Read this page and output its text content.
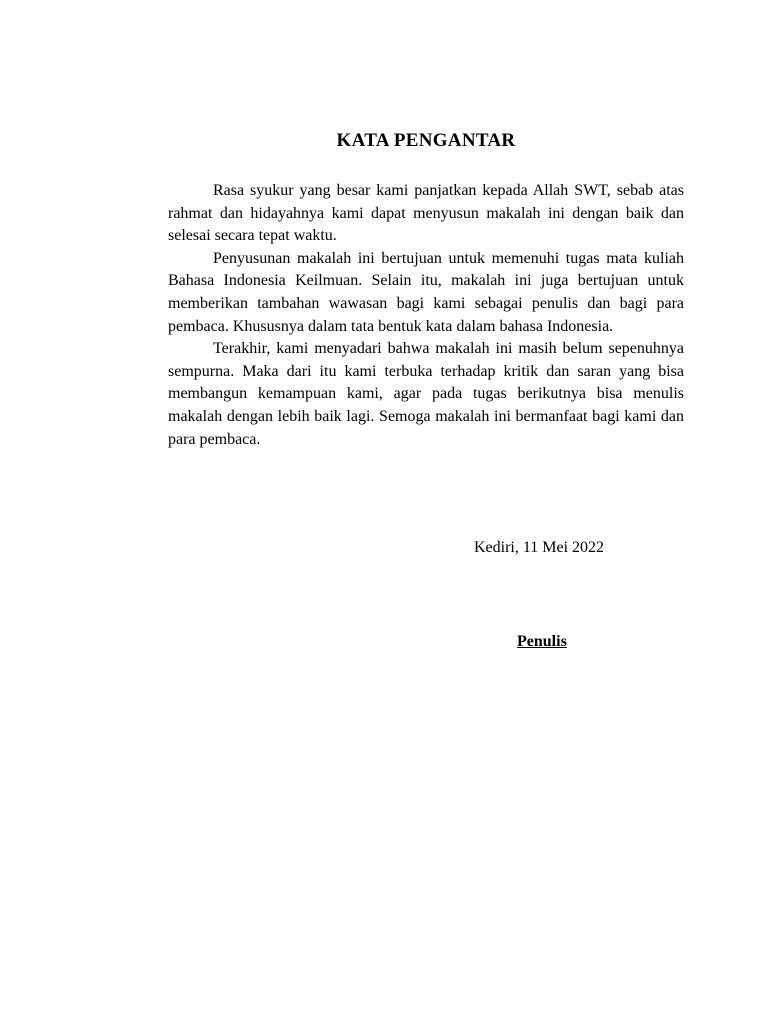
KATA PENGANTAR

Rasa syukur yang besar kami panjatkan kepada Allah SWT, sebab atas rahmat dan hidayahnya kami dapat menyusun makalah ini dengan baik dan selesai secara tepat waktu.

Penyusunan makalah ini bertujuan untuk memenuhi tugas mata kuliah Bahasa Indonesia Keilmuan. Selain itu, makalah ini juga bertujuan untuk memberikan tambahan wawasan bagi kami sebagai penulis dan bagi para pembaca. Khususnya dalam tata bentuk kata dalam bahasa Indonesia.

Terakhir, kami menyadari bahwa makalah ini masih belum sepenuhnya sempurna. Maka dari itu kami terbuka terhadap kritik dan saran yang bisa membangun kemampuan kami, agar pada tugas berikutnya bisa menulis makalah dengan lebih baik lagi. Semoga makalah ini bermanfaat bagi kami dan para pembaca.

Kediri, 11 Mei 2022
Penulis
